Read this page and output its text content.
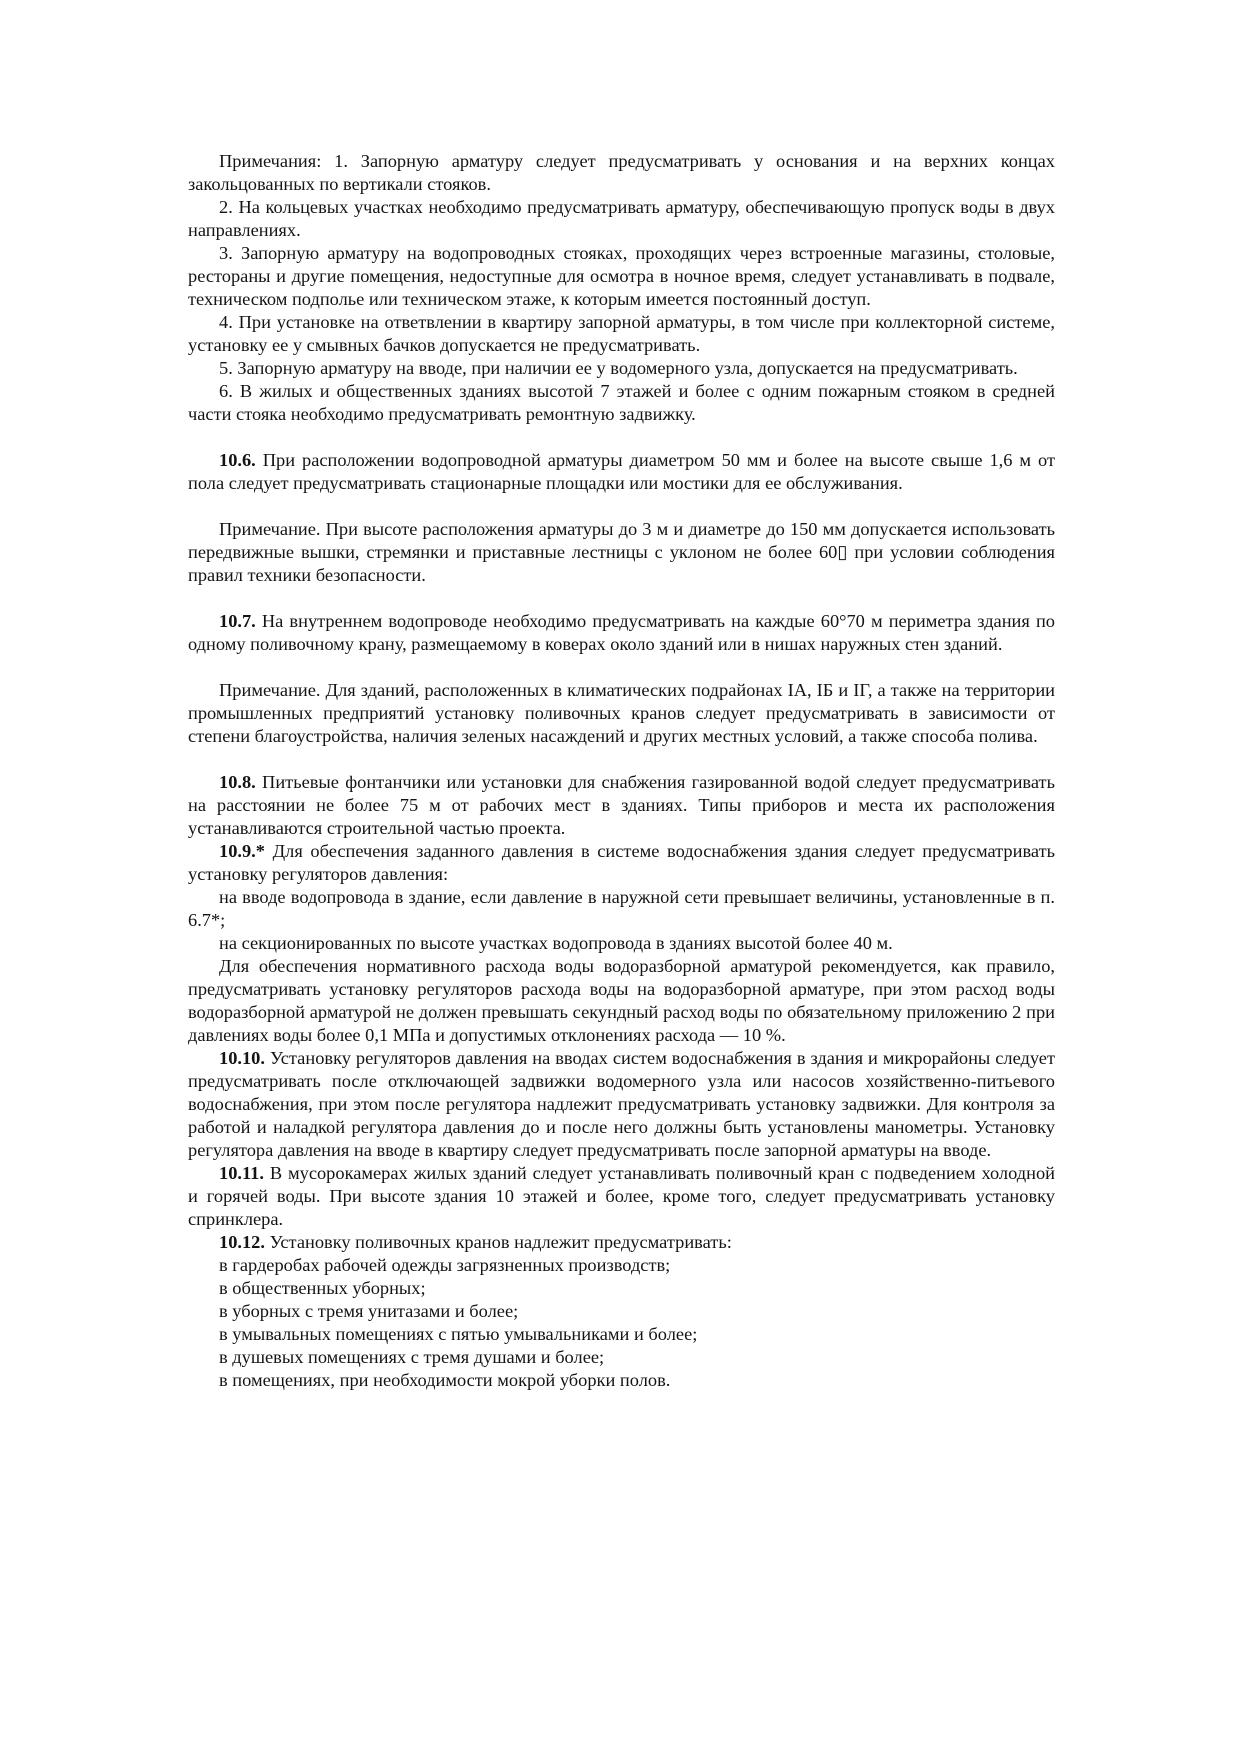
Примечания: 1. Запорную арматуру следует предусматривать у основания и на верхних концах закольцованных по вертикали стояков.

2. На кольцевых участках необходимо предусматривать арматуру, обеспечивающую пропуск воды в двух направлениях.

3. Запорную арматуру на водопроводных стояках, проходящих через встроенные магазины, столовые, рестораны и другие помещения, недоступные для осмотра в ночное время, следует устанавливать в подвале, техническом подполье или техническом этаже, к которым имеется постоянный доступ.

4. При установке на ответвлении в квартиру запорной арматуры, в том числе при коллекторной системе, установку ее у смывных бачков допускается не предусматривать.

5. Запорную арматуру на вводе, при наличии ее у водомерного узла, допускается на предусматривать.

6. В жилых и общественных зданиях высотой 7 этажей и более с одним пожарным стояком в средней части стояка необходимо предусматривать ремонтную задвижку.

10.6. При расположении водопроводной арматуры диаметром 50 мм и более на высоте свыше 1,6 м от пола следует предусматривать стационарные площадки или мостики для ее обслуживания.

Примечание. При высоте расположения арматуры до 3 м и диаметре до 150 мм допускается использовать передвижные вышки, стремянки и приставные лестницы с уклоном не более 60▯ при условии соблюдения правил техники безопасности.

10.7. На внутреннем водопроводе необходимо предусматривать на каждые 60°70 м периметра здания по одному поливочному крану, размещаемому в коверах около зданий или в нишах наружных стен зданий.

Примечание. Для зданий, расположенных в климатических подрайонах IА, IБ и IГ, а также на территории промышленных предприятий установку поливочных кранов следует предусматривать в зависимости от степени благоустройства, наличия зеленых насаждений и других местных условий, а также способа полива.

10.8. Питьевые фонтанчики или установки для снабжения газированной водой следует предусматривать на расстоянии не более 75 м от рабочих мест в зданиях. Типы приборов и места их расположения устанавливаются строительной частью проекта.

10.9.* Для обеспечения заданного давления в системе водоснабжения здания следует предусматривать установку регуляторов давления:

на вводе водопровода в здание, если давление в наружной сети превышает величины, установленные в п. 6.7*;

на секционированных по высоте участках водопровода в зданиях высотой более 40 м.

Для обеспечения нормативного расхода воды водоразборной арматурой рекомендуется, как правило, предусматривать установку регуляторов расхода воды на водоразборной арматуре, при этом расход воды водоразборной арматурой не должен превышать секундный расход воды по обязательному приложению 2 при давлениях воды более 0,1 МПа и допустимых отклонениях расхода — 10 %.

10.10. Установку регуляторов давления на вводах систем водоснабжения в здания и микрорайоны следует предусматривать после отключающей задвижки водомерного узла или насосов хозяйственно-питьевого водоснабжения, при этом после регулятора надлежит предусматривать установку задвижки. Для контроля за работой и наладкой регулятора давления до и после него должны быть установлены манометры. Установку регулятора давления на вводе в квартиру следует предусматривать после запорной арматуры на вводе.

10.11. В мусорокамерах жилых зданий следует устанавливать поливочный кран с подведением холодной и горячей воды. При высоте здания 10 этажей и более, кроме того, следует предусматривать установку спринклера.

10.12. Установку поливочных кранов надлежит предусматривать:

в гардеробах рабочей одежды загрязненных производств;

в общественных уборных;

в уборных с тремя унитазами и более;

в умывальных помещениях с пятью умывальниками и более;

в душевых помещениях с тремя душами и более;

в помещениях, при необходимости мокрой уборки полов.
